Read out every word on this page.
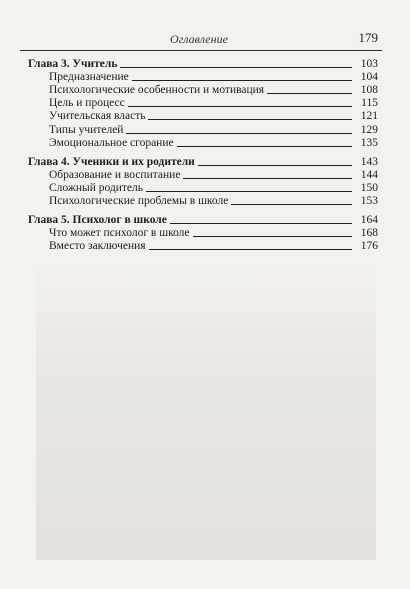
Оглавление	179
Глава 3. Учитель	103
Предназначение	104
Психологические особенности и мотивация	108
Цель и процесс	115
Учительская власть	121
Типы учителей	129
Эмоциональное сгорание	135
Глава 4. Ученики и их родители	143
Образование и воспитание	144
Сложный родитель	150
Психологические проблемы в школе	153
Глава 5. Психолог в школе	164
Что может психолог в школе	168
Вместо заключения	176
